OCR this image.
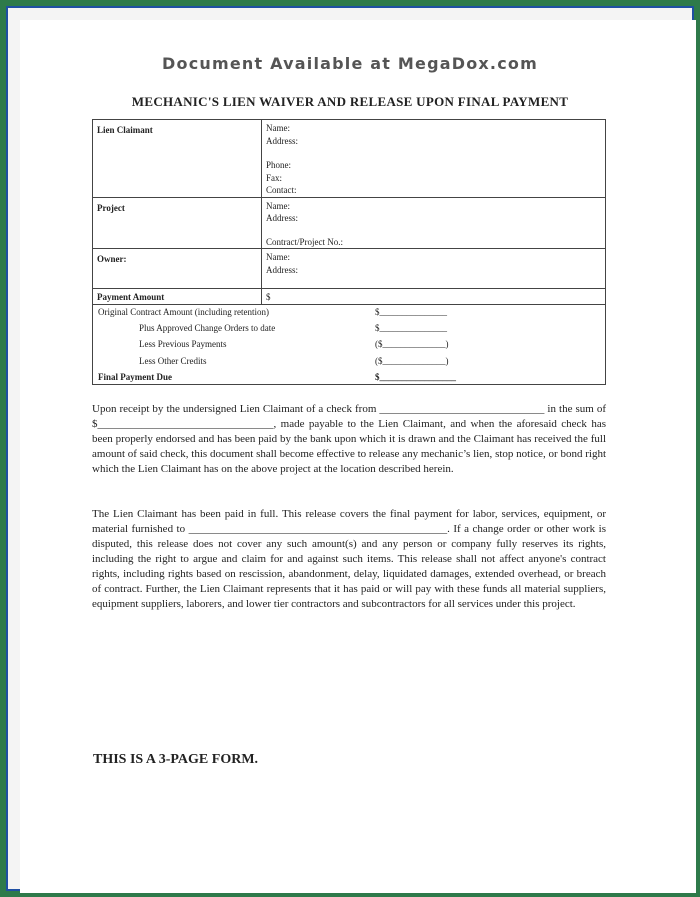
Document Available at MegaDox.com
MECHANIC'S LIEN WAIVER AND RELEASE UPON FINAL PAYMENT
Lien Claimant	Name:
Address:
Phone:
Fax:
Contact:

Project	Name:
Address:
Contract/Project No.:

Owner:	Name:
Address:

Payment Amount	$
Original Contract Amount (including retention)	$_______________
Plus Approved Change Orders to date	$_______________
Less Previous Payments	($______________)
Less Other Credits	($______________)
Final Payment Due	$_________________

Upon receipt by the undersigned Lien Claimant of a check from ______________________________ in the sum of $________________________________, made payable to the Lien Claimant, and when the aforesaid check has been properly endorsed and has been paid by the bank upon which it is drawn and the Claimant has received the full amount of said check, this document shall become effective to release any mechanic’s lien, stop notice, or bond right which the Lien Claimant has on the above project at the location described herein.

The Lien Claimant has been paid in full. This release covers the final payment for labor, services, equipment, or material furnished to _______________________________________________. If a change order or other work is disputed, this release does not cover any such amount(s) and any person or company fully reserves its rights, including the right to argue and claim for and against such items. This release shall not affect anyone's contract rights, including rights based on rescission, abandonment, delay, liquidated damages, extended overhead, or breach of contract. Further, the Lien Claimant represents that it has paid or will pay with these funds all material suppliers, equipment suppliers, laborers, and lower tier contractors and subcontractors for all services under this project.

THIS IS A 3-PAGE FORM.
